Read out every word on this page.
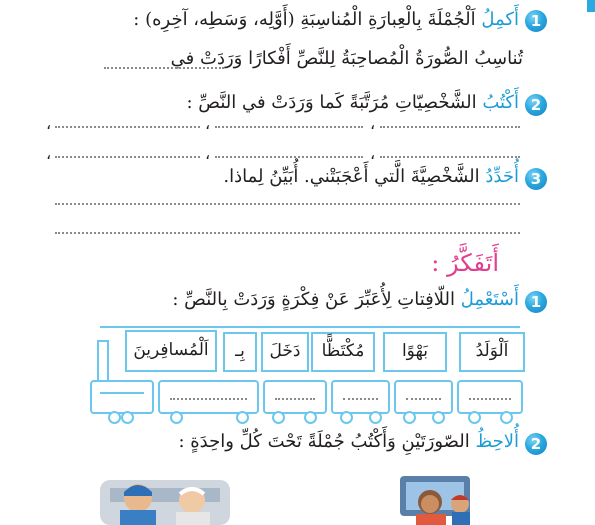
1
أَكمِلُ اَلْجُمْلَةَ بِالْعِبارَةِ الْمُناسِبَةِ (أَوَّلِه، وَسَطِه، آخِرِه) :
تُناسِبُ الصُّورَةُ الْمُصاحِبَةُ لِلنَّصِّ أَفْكارًا وَرَدَتْ في
2
أَكْتُبُ الشَّخْصِيّاتِ مُرَتَّبَةً كَما وَرَدَتْ في النَّصِّ :
،
،
،
،
،
،
3
أُحَدِّدُ الشَّخْصِيَّةَ الَّتي أَعْجَبَتْني. أُبَيِّنُ لِماذا.
أَتَفَكَّرُ :
1
أَسْتَعْمِلُ اللّافِتاتِ لِأُعَبِّرَ عَنْ فِكْرَةٍ وَرَدَتْ بِالنَّصِّ :
اَلْوَلَدُ
بَهْوًا
مُكْتَظًّا
دَخَلَ
بِـ
اَلْمُسافِرينَ
2
أُلاحِظُ الصّورَتَيْنِ وَأَكْتُبُ جُمْلَةً تَحْتَ كُلِّ واحِدَةٍ :
